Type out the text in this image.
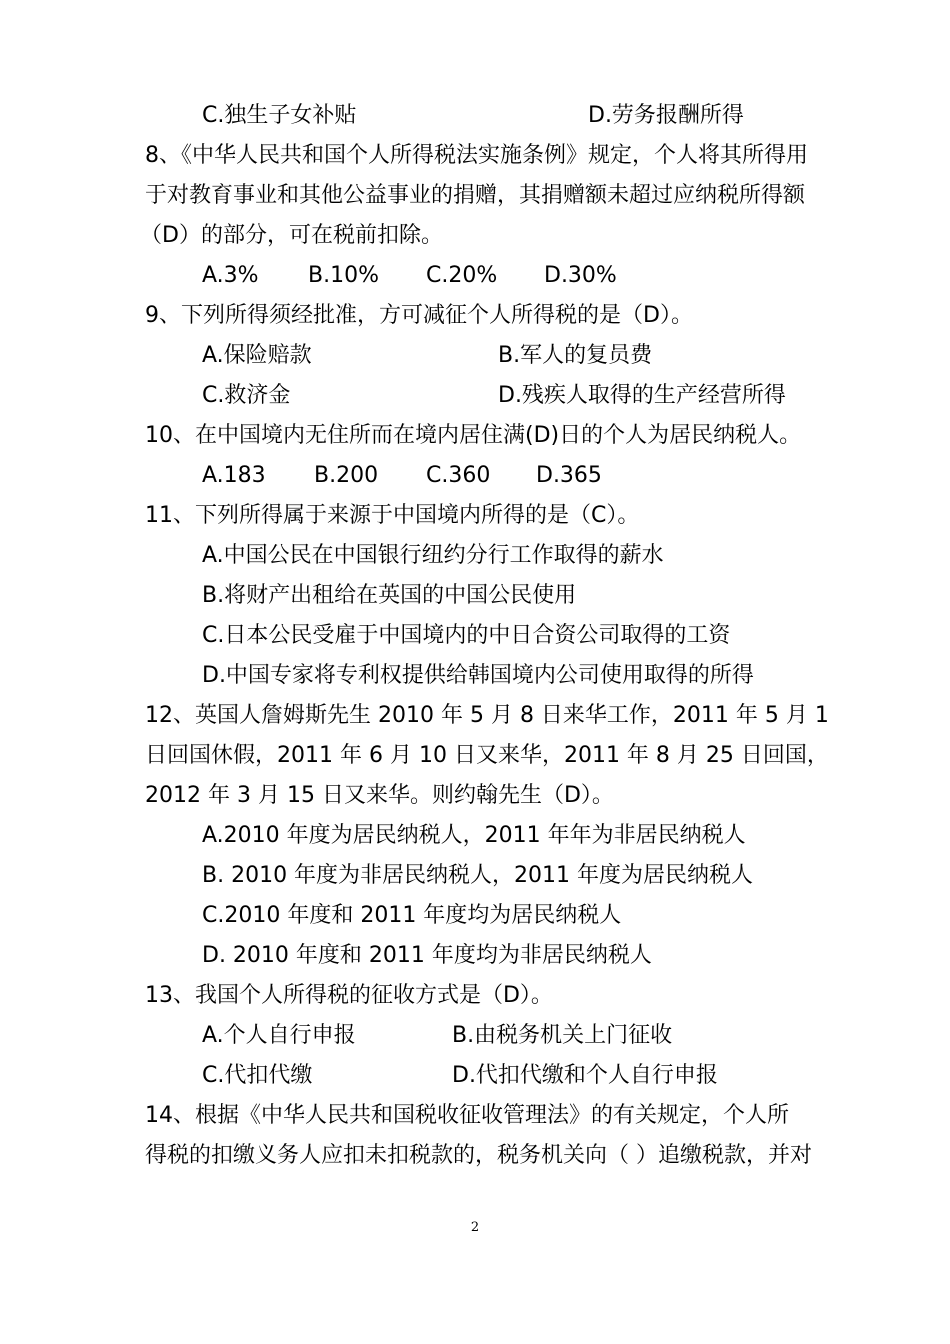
C.独生子女补贴	D.劳务报酬所得
8、《中华人民共和国个人所得税法实施条例》规定，个人将其所得用
于对教育事业和其他公益事业的捐赠，其捐赠额未超过应纳税所得额
（D）的部分，可在税前扣除。
A.3% B.10% C.20% D.30%
9、下列所得须经批准，方可减征个人所得税的是（D）。
A.保险赔款	B.军人的复员费
C.救济金	D.残疾人取得的生产经营所得
10、在中国境内无住所而在境内居住满(D)日的个人为居民纳税人。
A.183 B.200 C.360 D.365
11、下列所得属于来源于中国境内所得的是（C）。
A.中国公民在中国银行纽约分行工作取得的薪水
B.将财产出租给在英国的中国公民使用
C.日本公民受雇于中国境内的中日合资公司取得的工资
D.中国专家将专利权提供给韩国境内公司使用取得的所得
12、英国人詹姆斯先生 2010 年 5 月 8 日来华工作，2011 年 5 月 1
日回国休假，2011 年 6 月 10 日又来华，2011 年 8 月 25 日回国，
2012 年 3 月 15 日又来华。则约翰先生（D）。
A.2010 年度为居民纳税人，2011 年年为非居民纳税人
B. 2010 年度为非居民纳税人，2011 年度为居民纳税人
C.2010 年度和 2011 年度均为居民纳税人
D. 2010 年度和 2011 年度均为非居民纳税人
13、我国个人所得税的征收方式是（D）。
A.个人自行申报	B.由税务机关上门征收
C.代扣代缴	D.代扣代缴和个人自行申报
14、根据《中华人民共和国税收征收管理法》的有关规定，个人所
得税的扣缴义务人应扣未扣税款的，税务机关向（ ）追缴税款，并对
2
